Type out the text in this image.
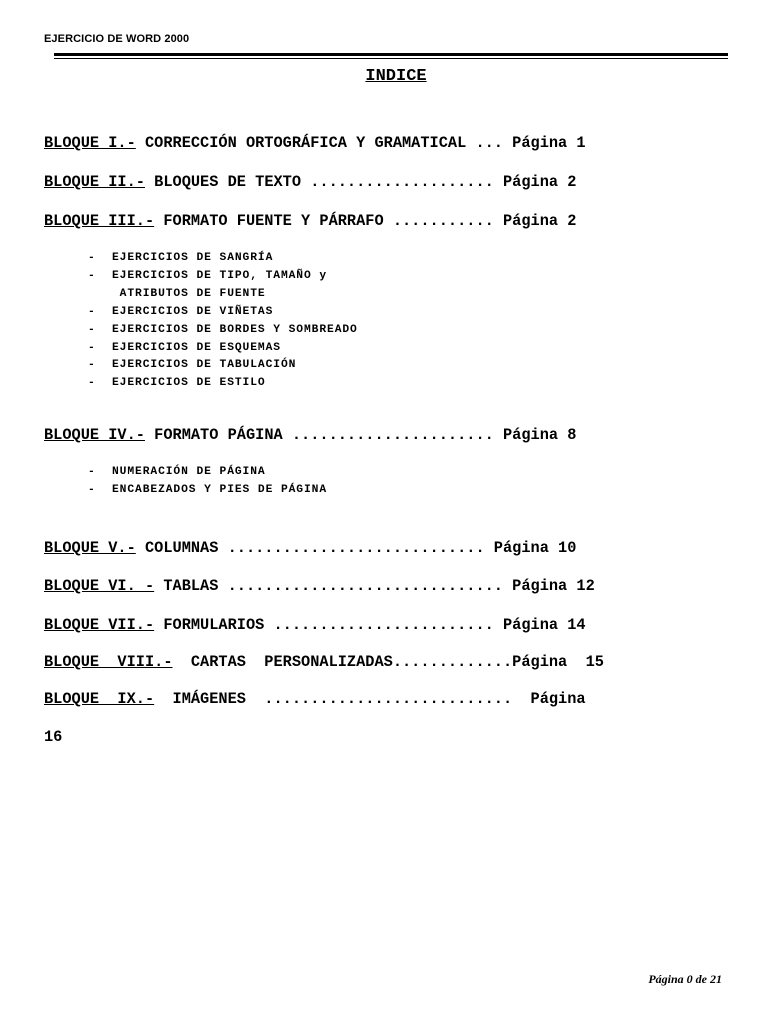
EJERCICIO DE WORD 2000
INDICE
BLOQUE I.- CORRECCIÓN ORTOGRÁFICA Y GRAMATICAL ... Página 1
BLOQUE II.- BLOQUES DE TEXTO .................... Página 2
BLOQUE III.- FORMATO FUENTE Y PÁRRAFO ........... Página 2
- EJERCICIOS DE SANGRÍA
- EJERCICIOS DE TIPO, TAMAÑO y
ATRIBUTOS DE FUENTE
- EJERCICIOS DE VIÑETAS
- EJERCICIOS DE BORDES Y SOMBREADO
- EJERCICIOS DE ESQUEMAS
- EJERCICIOS DE TABULACIÓN
- EJERCICIOS DE ESTILO
BLOQUE IV.- FORMATO PÁGINA ...................... Página 8
- NUMERACIÓN DE PÁGINA
- ENCABEZADOS Y PIES DE PÁGINA
BLOQUE V.- COLUMNAS ............................ Página 10
BLOQUE VI. - TABLAS .............................. Página 12
BLOQUE VII.- FORMULARIOS ........................ Página 14
BLOQUE  VIII.-  CARTAS  PERSONALIZADAS.............Página  15
BLOQUE  IX.-  IMÁGENES  ...........................  Página
16
Página 0 de 21
